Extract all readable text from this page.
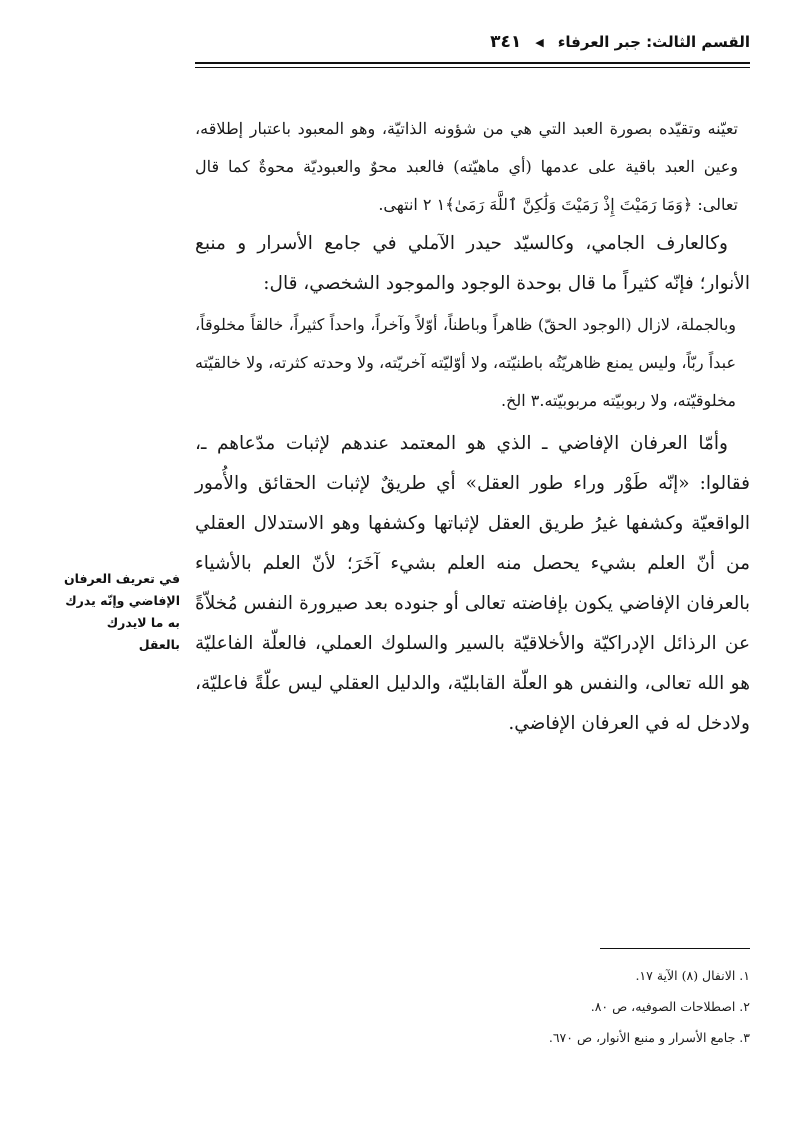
القسم الثالث: جبر العرفاء
◀
٣٤١

تعيّنه وتقيّده بصورة العبد التي هي من شؤونه الذاتيّة، وهو المعبود باعتبار إطلاقه، وعين العبد باقية على عدمها (أي ماهيّته) فالعبد محوٌ والعبوديّة محوةٌ كما قال تعالى: ﴿وَمَا رَمَيْتَ إِذْ رَمَيْتَ وَلَٰكِنَّ ٱللَّهَ رَمَىٰ﴾١ ٢ انتهى.

وكالعارف الجامي، وكالسيّد حيدر الآملي في جامع الأسرار و منبع الأنوار؛ فإنّه كثيراً ما قال بوحدة الوجود والموجود الشخصي، قال:

وبالجملة، لازال (الوجود الحقّ) ظاهراً وباطناً، أوّلاً وآخراً، واحداً كثيراً، خالقاً مخلوقاً، عبداً ربّاً، وليس يمنع ظاهريّتُه باطنيّته، ولا أوّليّته آخريّته، ولا وحدته كثرته، ولا خالقيّته مخلوقيّته، ولا ربوبيّته مربوبيّته.٣ الخ.

وأمّا العرفان الإفاضي ـ الذي هو المعتمد عندهم لإثبات مدّعاهم ـ، فقالوا: «إنّه طَوْر وراء طور العقل» أي طريقٌ لإثبات الحقائق والأُمور الواقعيّة وكشفها غيرُ طريق العقل لإثباتها وكشفها وهو الاستدلال العقلي من أنّ العلم بشيء يحصل منه العلم بشيء آخَرَ؛ لأنّ العلم بالأشياء بالعرفان الإفاضي يكون بإفاضته تعالى أو جنوده بعد صيرورة النفس مُخلاّةً عن الرذائل الإدراكيّة والأخلاقيّة بالسير والسلوك العملي، فالعلّة الفاعليّة هو الله تعالى، والنفس هو العلّة القابليّة، والدليل العقلي ليس علّةً فاعليّة، ولادخل له في العرفان الإفاضي.

في تعريف العرفان الإفاضي وإنّه يدرك به ما لايدرك بالعقل
١. الانفال (٨) الآية ١٧.
٢. اصطلاحات الصوفيه، ص ٨٠.
٣. جامع الأسرار و منبع الأنوار، ص ٦٧٠.
